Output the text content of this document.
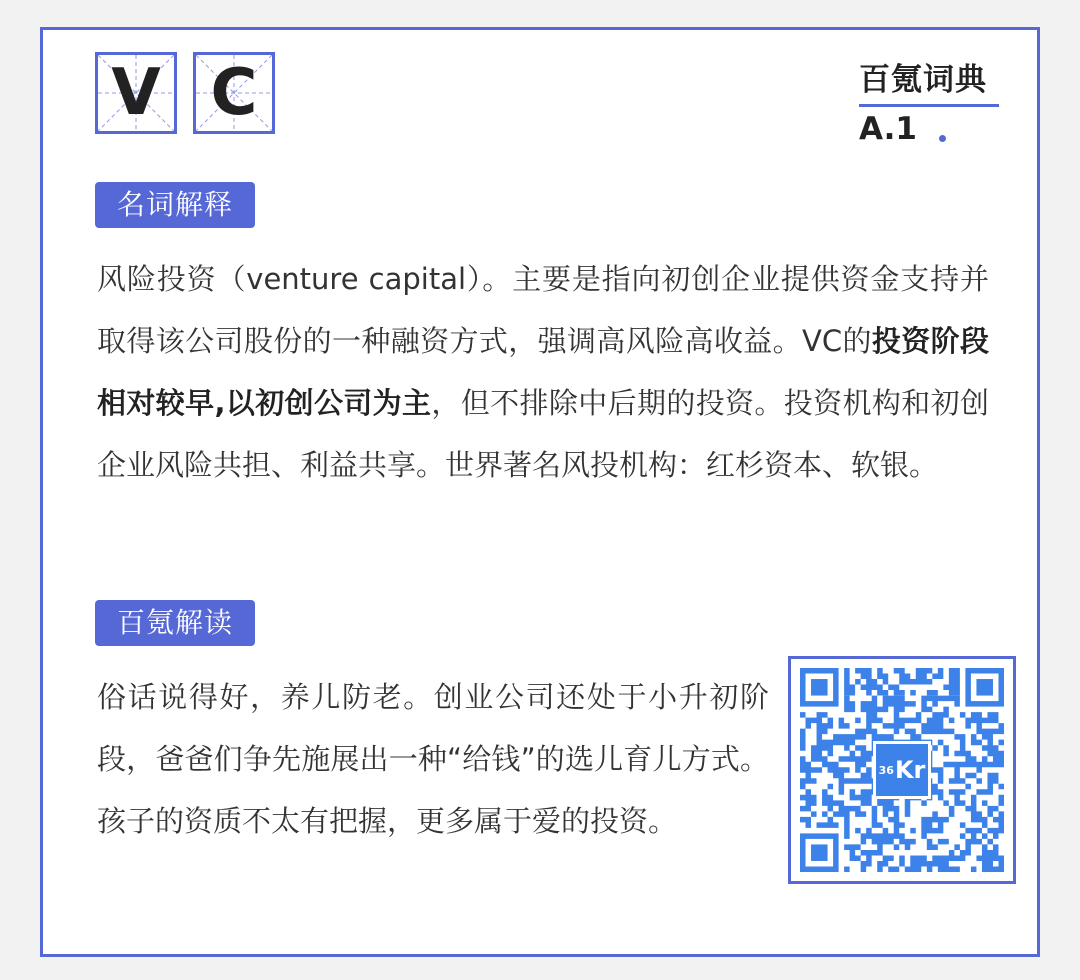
V C	百氪词典
A.1
名词解释

风险投资（venture capital）。主要是指向初创企业提供资金支持并取得该公司股份的一种融资方式，强调高风险高收益。VC的投资阶段相对较早,以初创公司为主，但不排除中后期的投资。投资机构和初创企业风险共担、利益共享。世界著名风投机构：红杉资本、软银。

百氪解读

俗话说得好，养儿防老。创业公司还处于小升初阶段，爸爸们争先施展出一种“给钱”的选儿育儿方式。孩子的资质不太有把握，更多属于爱的投资。

36 Kr
